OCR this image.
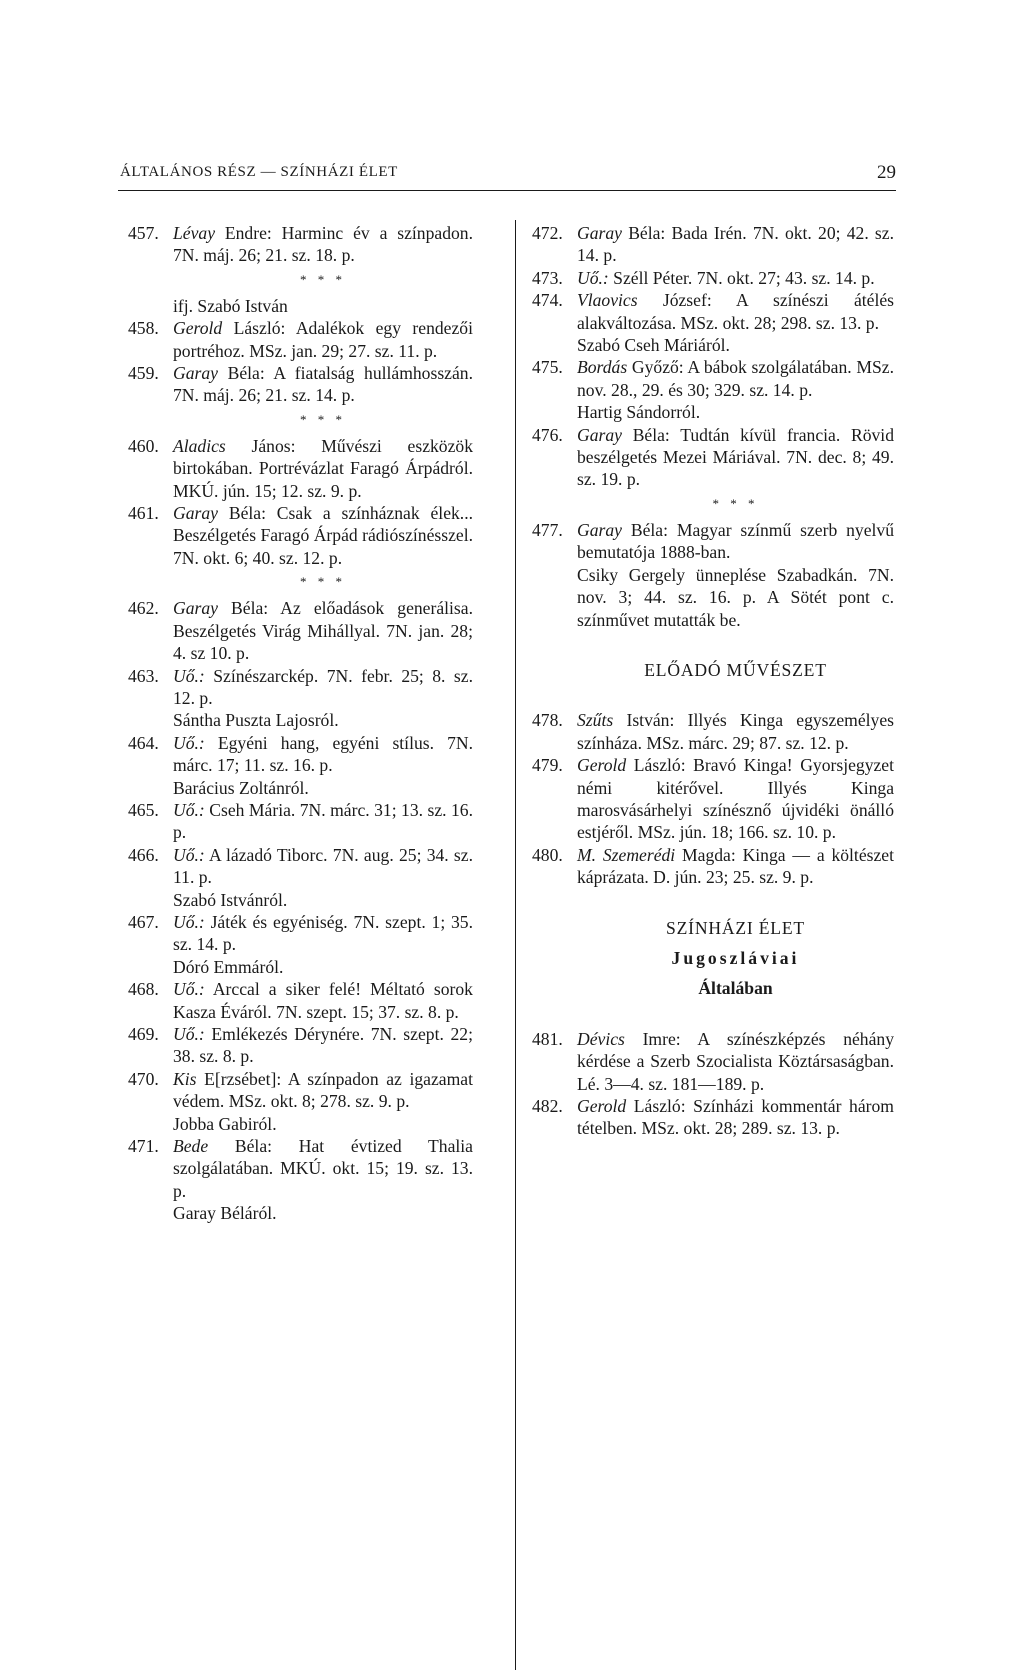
ÁLTALÁNOS RÉSZ — SZÍNHÁZI ÉLET	29
457. Lévay Endre: Harminc év a színpadon. 7N. máj. 26; 21. sz. 18. p.
* * *
ifj. Szabó István
458. Gerold László: Adalékok egy rendezői portréhoz. MSz. jan. 29; 27. sz. 11. p.
459. Garay Béla: A fiatalság hullámhosszán. 7N. máj. 26; 21. sz. 14. p.
* * *
460. Aladics János: Művészi eszközök birtokában. Portrévázlat Faragó Árpádról. MKÚ. jún. 15; 12. sz. 9. p.
461. Garay Béla: Csak a színháznak élek... Beszélgetés Faragó Árpád rádiószínésszel. 7N. okt. 6; 40. sz. 12. p.
* * *
462. Garay Béla: Az előadások generálisa. Beszélgetés Virág Mihállyal. 7N. jan. 28; 4. sz 10. p.
463. Uő.: Színészarckép. 7N. febr. 25; 8. sz. 12. p.
Sántha Puszta Lajosról.
464. Uő.: Egyéni hang, egyéni stílus. 7N. márc. 17; 11. sz. 16. p.
Barácius Zoltánról.
465. Uő.: Cseh Mária. 7N. márc. 31; 13. sz. 16. p.
466. Uő.: A lázadó Tiborc. 7N. aug. 25; 34. sz. 11. p.
Szabó Istvánról.
467. Uő.: Játék és egyéniség. 7N. szept. 1; 35. sz. 14. p.
Dóró Emmáról.
468. Uő.: Arccal a siker felé! Méltató sorok Kasza Éváról. 7N. szept. 15; 37. sz. 8. p.
469. Uő.: Emlékezés Dérynére. 7N. szept. 22; 38. sz. 8. p.
470. Kis E[rzsébet]: A színpadon az igazamat védem. MSz. okt. 8; 278. sz. 9. p.
Jobba Gabiról.
471. Bede Béla: Hat évtized Thalia szolgálatában. MKÚ. okt. 15; 19. sz. 13. p.
Garay Béláról.
472. Garay Béla: Bada Irén. 7N. okt. 20; 42. sz. 14. p.
473. Uő.: Széll Péter. 7N. okt. 27; 43. sz. 14. p.
474. Vlaovics József: A színészi átélés alakváltozása. MSz. okt. 28; 298. sz. 13. p.
Szabó Cseh Máriáról.
475. Bordás Győző: A bábok szolgálatában. MSz. nov. 28., 29. és 30; 329. sz. 14. p.
Hartig Sándorról.
476. Garay Béla: Tudtán kívül francia. Rövid beszélgetés Mezei Máriával. 7N. dec. 8; 49. sz. 19. p.
* * *
477. Garay Béla: Magyar színmű szerb nyelvű bemutatója 1888-ban.
Csiky Gergely ünneplése Szabadkán. 7N. nov. 3; 44. sz. 16. p. A Sötét pont c. színművet mutatták be.
ELŐADÓ MŰVÉSZET
478. Szűts István: Illyés Kinga egyszemélyes színháza. MSz. márc. 29; 87. sz. 12. p.
479. Gerold László: Bravó Kinga! Gyorsjegyzet némi kitérővel. Illyés Kinga marosvásárhelyi színésznő újvidéki önálló estjéről. MSz. jún. 18; 166. sz. 10. p.
480. M. Szemerédi Magda: Kinga — a költészet káprázata. D. jún. 23; 25. sz. 9. p.
SZÍNHÁZI ÉLET
Jugoszláviai
Általában
481. Dévics Imre: A színészképzés néhány kérdése a Szerb Szocialista Köztársaságban. Lé. 3—4. sz. 181—189. p.
482. Gerold László: Színházi kommentár három tételben. MSz. okt. 28; 289. sz. 13. p.
